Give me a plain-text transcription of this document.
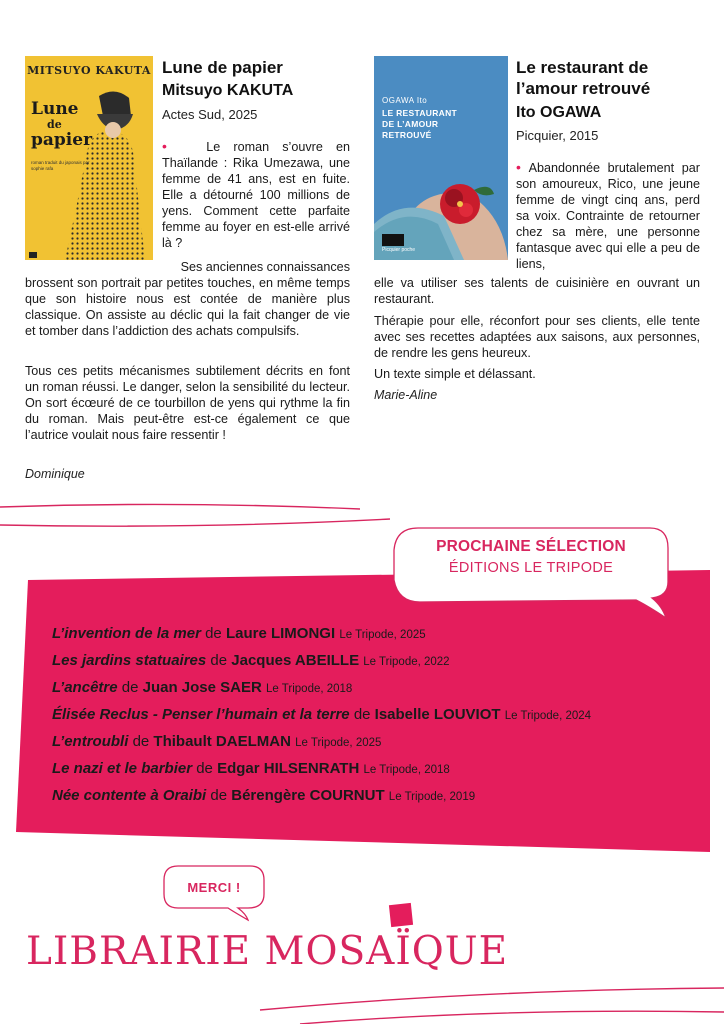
MITSUYO KAKUTA
Lune
de
papier
roman traduit du japonais par sophie rafa
Lune de papier
Mitsuyo KAKUTA
Actes Sud, 2025

•	Le roman s’ouvre en Thaïlande : Rika Umezawa, une femme de 41 ans, est en fuite. Elle a détourné 100 millions de yens. Comment cette parfaite femme au foyer en est-elle arrivé là ?

Ses anciennes connaissances
brossent son portrait par petites touches, en même temps que son histoire nous est contée de manière plus classique. On assiste au déclic qui la fait changer de vie et tomber dans l’addiction des achats compulsifs.

Tous ces petits mécanismes subtilement décrits en font un roman réussi. Le danger, selon la sensibilité du lecteur. On sort écœuré de ce tourbillon de yens qui rythme la fin du roman. Mais peut-être est-ce également ce que l’autrice voulait nous faire ressentir !

Dominique
OGAWA Ito
LE RESTAURANT DE L’AMOUR RETROUVÉ
Picquier poche
Le restaurant de
l’amour retrouvé
Ito OGAWA
Picquier, 2015

• Abandonnée brutalement par son amoureux, Rico, une jeune femme de vingt cinq ans, perd sa voix. Contrainte de retourner chez sa mère, une personne fantasque avec qui elle a peu de liens,

elle va utiliser ses talents de cuisinière en ouvrant un restaurant.

Thérapie pour elle, réconfort pour ses clients, elle tente avec ses recettes adaptées aux saisons, aux personnes, de rendre les gens heureux.

Un texte simple et délassant.

Marie-Aline
PROCHAINE SÉLECTION
ÉDITIONS LE TRIPODE
L’invention de la mer de Laure LIMONGI Le Tripode, 2025
Les jardins statuaires de Jacques ABEILLE Le Tripode, 2022
L’ancêtre de Juan Jose SAER Le Tripode, 2018
Élisée Reclus - Penser l’humain et la terre de Isabelle LOUVIOT Le Tripode, 2024
L’entroubli de Thibault DAELMAN Le Tripode, 2025
Le nazi et le barbier de Edgar HILSENRATH Le Tripode, 2018
Née contente à Oraibi de Bérengère COURNUT Le Tripode, 2019
MERCI !
LIBRAIRIE MOSAÏQUE
